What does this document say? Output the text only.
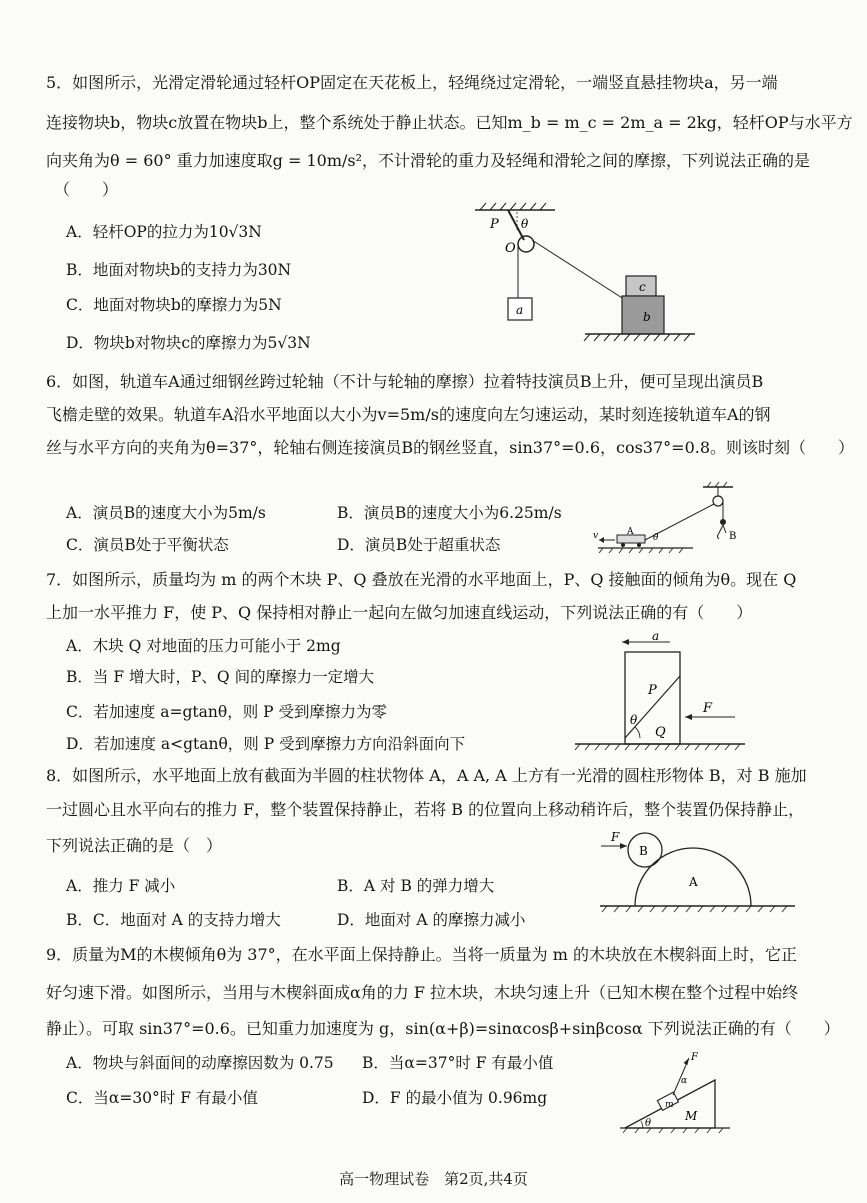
5．如图所示，光滑定滑轮通过轻杆OP固定在天花板上，轻绳绕过定滑轮，一端竖直悬挂物块a，另一端
连接物块b，物块c放置在物块b上，整个系统处于静止状态。已知m_b = m_c = 2m_a = 2kg，轻杆OP与水平方
向夹角为θ = 60° 重力加速度取g = 10m/s²，不计滑轮的重力及轻绳和滑轮之间的摩擦，下列说法正确的是
（　　）
A．轻杆OP的拉力为10√3N
B．地面对物块b的支持力为30N
C．地面对物块b的摩擦力为5N
D．物块b对物块c的摩擦力为5√3N
P θ
O
a
c
b
6．如图，轨道车A通过细钢丝跨过轮轴（不计与轮轴的摩擦）拉着特技演员B上升，便可呈现出演员B
飞檐走壁的效果。轨道车A沿水平地面以大小为v=5m/s的速度向左匀速运动，某时刻连接轨道车A的钢
丝与水平方向的夹角为θ=37°，轮轴右侧连接演员B的钢丝竖直，sin37°=0.6，cos37°=0.8。则该时刻（　　）
A．演员B的速度大小为5m/s	B．演员B的速度大小为6.25m/s
C．演员B处于平衡状态	D．演员B处于超重状态	B
A
θ
v
7．如图所示，质量均为 m 的两个木块 P、Q 叠放在光滑的水平地面上，P、Q 接触面的倾角为θ。现在 Q
上加一水平推力 F，使 P、Q 保持相对静止一起向左做匀加速直线运动，下列说法正确的有（　　）
A．木块 Q 对地面的压力可能小于 2mg
B．当 F 增大时，P、Q 间的摩擦力一定增大
C．若加速度 a=gtanθ，则 P 受到摩擦力为零
D．若加速度 a<gtanθ，则 P 受到摩擦力方向沿斜面向下
a
P
θ
Q
F
8．如图所示，水平地面上放有截面为半圆的柱状物体 A，A A, A 上方有一光滑的圆柱形物体 B，对 B 施加
一过圆心且水平向右的推力 F，整个装置保持静止，若将 B 的位置向上移动稍许后，整个装置仍保持静止，
下列说法正确的是（　）
A．推力 F 减小	B．A 对 B 的弹力增大
B．C．地面对 A 的支持力增大	D．地面对 A 的摩擦力减小
F
B
A
9．质量为M的木楔倾角θ为 37°，在水平面上保持静止。当将一质量为 m 的木块放在木楔斜面上时，它正
好匀速下滑。如图所示，当用与木楔斜面成α角的力 F 拉木块，木块匀速上升（已知木楔在整个过程中始终
静止）。可取 sin37°=0.6。已知重力加速度为 g，sin(α+β)=sinαcosβ+sinβcosα 下列说法正确的有（　　）
A．物块与斜面间的动摩擦因数为 0.75 B．当α=37°时 F 有最小值
C．当α=30°时 F 有最小值	D．F 的最小值为 0.96mg
θ
M
m
F
α
高一物理试卷　第2页,共4页
